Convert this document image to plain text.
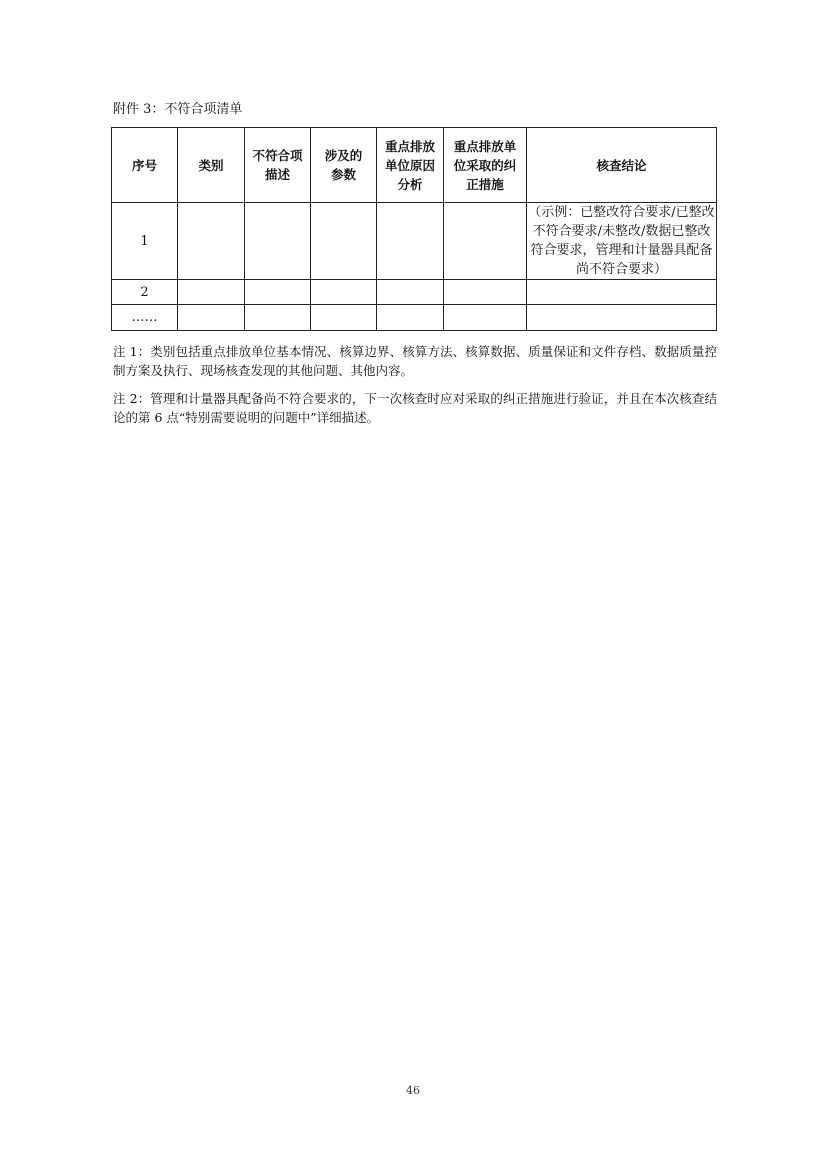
附件 3：不符合项清单
序号	类别	不符合项描述	涉及的参数	重点排放单位原因分析	重点排放单位采取的纠正措施	核查结论
1						（示例：已整改符合要求/已整改不符合要求/未整改/数据已整改符合要求，管理和计量器具配备尚不符合要求）
2						
……						
注 1：类别包括重点排放单位基本情况、核算边界、核算方法、核算数据、质量保证和文件存档、数据质量控制方案及执行、现场核查发现的其他问题、其他内容。
注 2：管理和计量器具配备尚不符合要求的，下一次核查时应对采取的纠正措施进行验证，并且在本次核查结论的第 6 点“特别需要说明的问题中”详细描述。
46
